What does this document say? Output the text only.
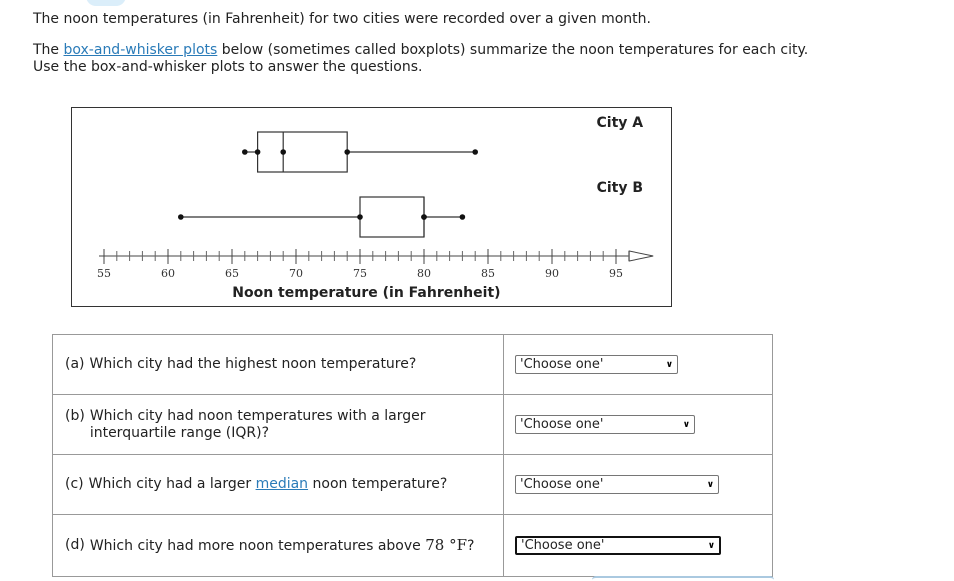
The noon temperatures (in Fahrenheit) for two cities were recorded over a given month.
The box-and-whisker plots below (sometimes called boxplots) summarize the noon temperatures for each city.
Use the box-and-whisker plots to answer the questions.
55	60	65	70	75	80	85	90	95
Noon temperature (in Fahrenheit)
City A
City B
(a) Which city had the highest noon temperature?	'Choose one' ∨

(b) Which city had noon temperatures with a larger interquartile range (IQR)?	'Choose one' ∨

(c) Which city had a larger median noon temperature?	'Choose one' ∨

(d) Which city had more noon temperatures above 78 °F?	'Choose one' ∨
